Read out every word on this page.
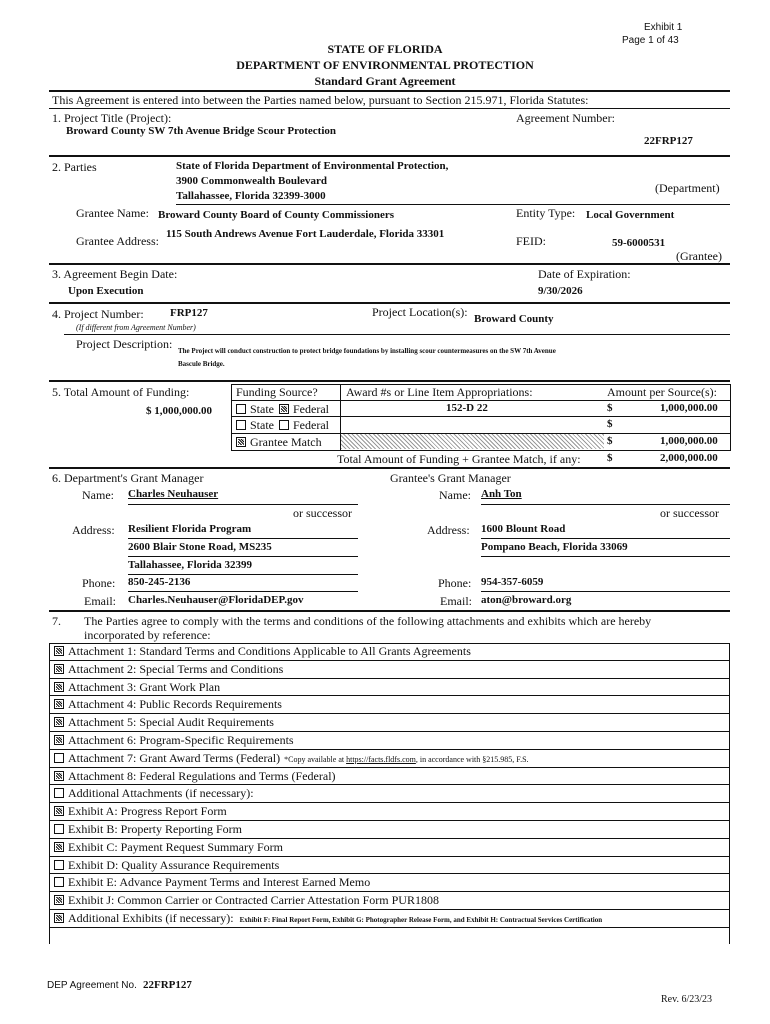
Exhibit 1
Page 1 of 43
STATE OF FLORIDA
DEPARTMENT OF ENVIRONMENTAL PROTECTION
Standard Grant Agreement
This Agreement is entered into between the Parties named below, pursuant to Section 215.971, Florida Statutes:
1. Project Title (Project):
Broward County SW 7th Avenue Bridge Scour Protection
Agreement Number:
22FRP127
2. Parties	State of Florida Department of Environmental Protection,
3900 Commonwealth Boulevard
Tallahassee, Florida 32399-3000
(Department)
Grantee Name: Broward County Board of County Commissioners	Entity Type: Local Government
Grantee Address: 115 South Andrews Avenue Fort Lauderdale, Florida 33301	FEID:	59-6000531
(Grantee)
3. Agreement Begin Date:
Upon Execution
Date of Expiration:
9/30/2026
4. Project Number: FRP127
(If different from Agreement Number)
Project Location(s): Broward County
Project Description: The Project will conduct construction to protect bridge foundations by installing scour countermeasures on the SW 7th Avenue
Bascule Bridge.
5. Total Amount of Funding:
$ 1,000,000.00
Funding Source? Award #s or Line Item Appropriations:	Amount per Source(s):
State Federal	152-D 22	$	1,000,000.00
State Federal	$
Grantee Match	$	1,000,000.00
Total Amount of Funding + Grantee Match, if any: $	2,000,000.00
6. Department's Grant Manager	Grantee's Grant Manager
Name: Charles Neuhauser	Name: Anh Ton
or successor	or successor
Address: Resilient Florida Program
2600 Blair Stone Road, MS235
Tallahassee, Florida 32399
Address: 1600 Blount Road
Pompano Beach, Florida 33069
Phone: 850-245-2136	Phone: 954-357-6059
Email: Charles.Neuhauser@FloridaDEP.gov	Email: aton@broward.org
7. The Parties agree to comply with the terms and conditions of the following attachments and exhibits which are hereby
incorporated by reference:
Attachment 1: Standard Terms and Conditions Applicable to All Grants Agreements
Attachment 2: Special Terms and Conditions
Attachment 3: Grant Work Plan
Attachment 4: Public Records Requirements
Attachment 5: Special Audit Requirements
Attachment 6: Program-Specific Requirements
Attachment 7: Grant Award Terms (Federal) *Copy available at https://facts.fldfs.com, in accordance with §215.985, F.S.
Attachment 8: Federal Regulations and Terms (Federal)
Additional Attachments (if necessary):
Exhibit A: Progress Report Form
Exhibit B: Property Reporting Form
Exhibit C: Payment Request Summary Form
Exhibit D: Quality Assurance Requirements
Exhibit E: Advance Payment Terms and Interest Earned Memo
Exhibit J: Common Carrier or Contracted Carrier Attestation Form PUR1808
Additional Exhibits (if necessary): Exhibit F: Final Report Form, Exhibit G: Photographer Release Form, and Exhibit H: Contractual Services Certification
DEP Agreement No. 22FRP127
Rev. 6/23/23
